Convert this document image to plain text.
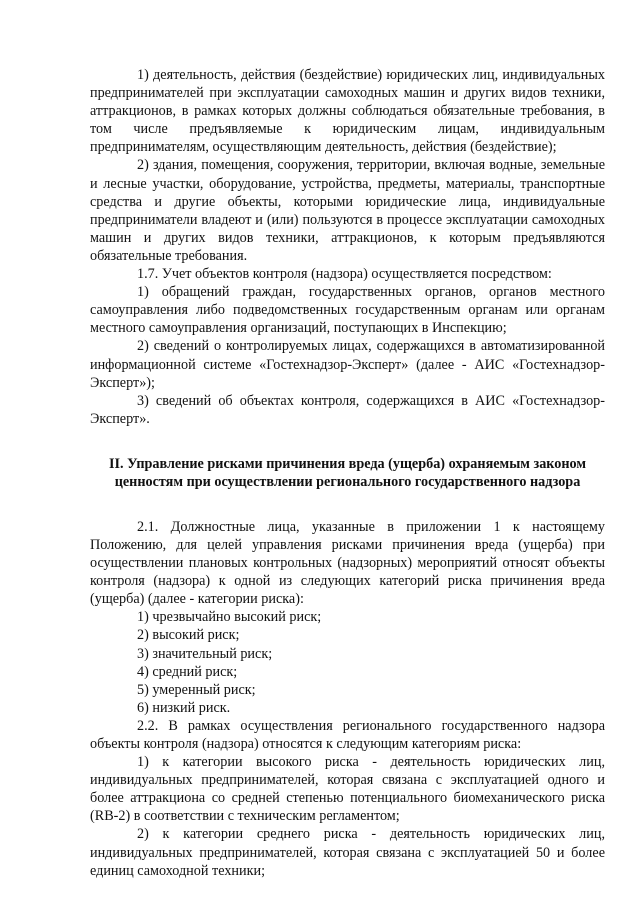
1) деятельность, действия (бездействие) юридических лиц, индивидуальных предпринимателей при эксплуатации самоходных машин и других видов техники, аттракционов, в рамках которых должны соблюдаться обязательные требования, в том числе предъявляемые к юридическим лицам, индивидуальным предпринимателям, осуществляющим деятельность, действия (бездействие);

2) здания, помещения, сооружения, территории, включая водные, земельные и лесные участки, оборудование, устройства, предметы, материалы, транспортные средства и другие объекты, которыми юридические лица, индивидуальные предприниматели владеют и (или) пользуются в процессе эксплуатации самоходных машин и других видов техники, аттракционов, к которым предъявляются обязательные требования.

1.7. Учет объектов контроля (надзора) осуществляется посредством:

1) обращений граждан, государственных органов, органов местного самоуправления либо подведомственных государственным органам или органам местного самоуправления организаций, поступающих в Инспекцию;

2) сведений о контролируемых лицах, содержащихся в автоматизированной информационной системе «Гостехнадзор-Эксперт» (далее - АИС «Гостехнадзор-Эксперт»);

3) сведений об объектах контроля, содержащихся в АИС «Гостехнадзор-Эксперт».

II. Управление рисками причинения вреда (ущерба) охраняемым законом ценностям при осуществлении регионального государственного надзора

2.1. Должностные лица, указанные в приложении 1 к настоящему Положению, для целей управления рисками причинения вреда (ущерба) при осуществлении плановых контрольных (надзорных) мероприятий относят объекты контроля (надзора) к одной из следующих категорий риска причинения вреда (ущерба) (далее - категории риска):

1) чрезвычайно высокий риск;

2) высокий риск;

3) значительный риск;

4) средний риск;

5) умеренный риск;

6) низкий риск.

2.2. В рамках осуществления регионального государственного надзора объекты контроля (надзора) относятся к следующим категориям риска:

1) к категории высокого риска - деятельность юридических лиц, индивидуальных предпринимателей, которая связана с эксплуатацией одного и более аттракциона со средней степенью потенциального биомеханического риска (RB-2) в соответствии с техническим регламентом;

2) к категории среднего риска - деятельность юридических лиц, индивидуальных предпринимателей, которая связана с эксплуатацией 50 и более единиц самоходной техники;
